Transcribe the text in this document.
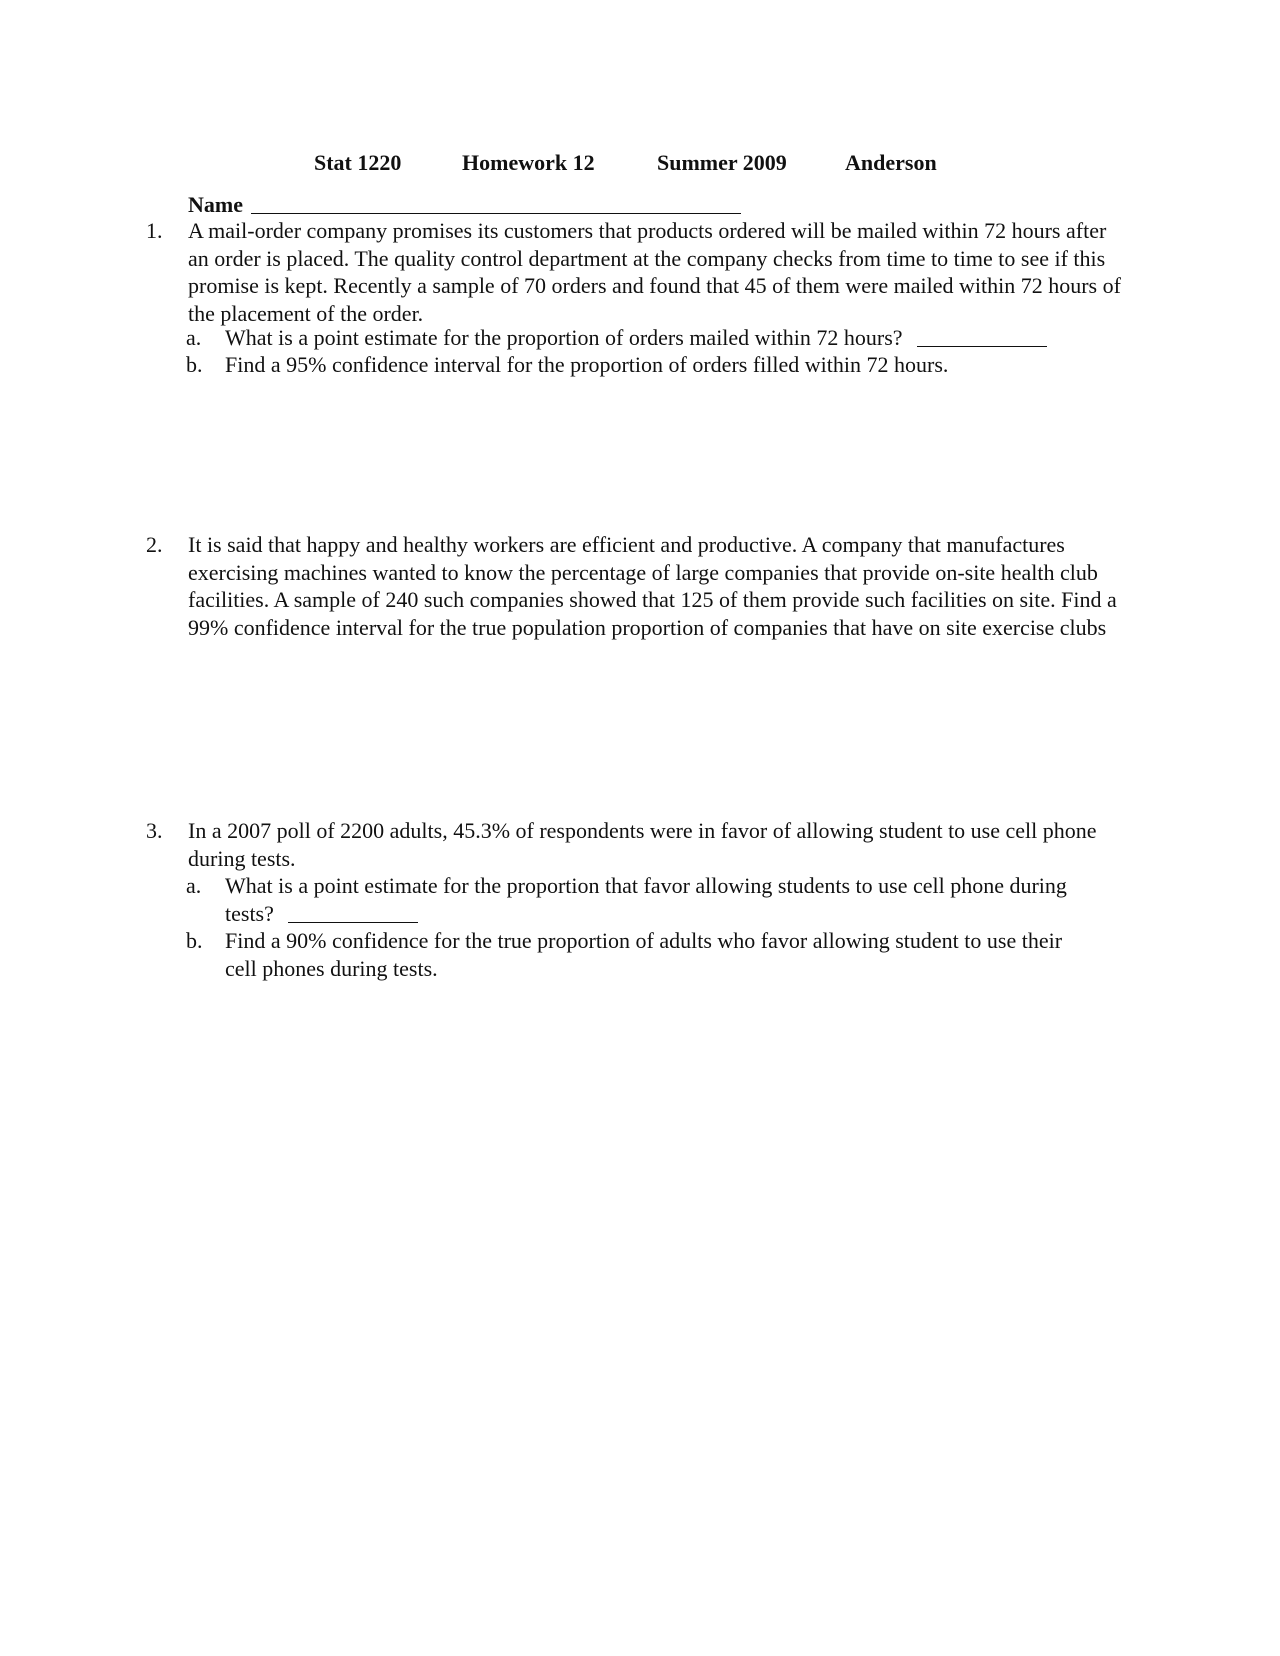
Stat 1220	Homework 12	Summer 2009	Anderson
Name
1. A mail-order company promises its customers that products ordered will be mailed within 72 hours after an order is placed. The quality control department at the company checks from time to time to see if this promise is kept. Recently a sample of 70 orders and found that 45 of them were mailed within 72 hours of the placement of the order.
a. What is a point estimate for the proportion of orders mailed within 72 hours?
b. Find a 95% confidence interval for the proportion of orders filled within 72 hours.
2. It is said that happy and healthy workers are efficient and productive. A company that manufactures exercising machines wanted to know the percentage of large companies that provide on-site health club facilities. A sample of 240 such companies showed that 125 of them provide such facilities on site. Find a 99% confidence interval for the true population proportion of companies that have on site exercise clubs
3. In a 2007 poll of 2200 adults, 45.3% of respondents were in favor of allowing student to use cell phone during tests.
a. What is a point estimate for the proportion that favor allowing students to use cell phone during tests?
b. Find a 90% confidence for the true proportion of adults who favor allowing student to use their cell phones during tests.
